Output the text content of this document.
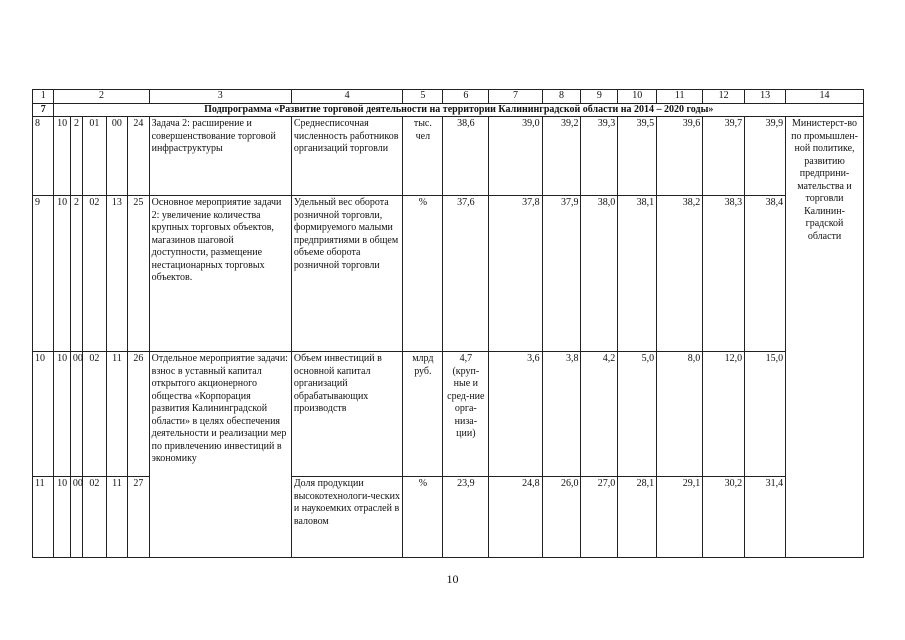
1	2					3	4	5	6	7	8	9	10	11	12	13	14
7	Подпрограмма «Развитие торговой деятельности на территории Калининградской области на 2014 – 2020 годы»																
8	10	2	01	00	24	Задача 2: расширение и совершенствование торговой инфраструктуры	Среднесписочная численность работников организаций торговли	тыс. чел	38,6	39,0	39,2	39,3	39,5	39,6	39,7	39,9	Министерст-во по промышлен-ной политике, развитию предприни-мательства и торговли Калинин-градской области
9	10	2	02	13	25	Основное мероприятие задачи 2: увеличение количества крупных торговых объектов, магазинов шаговой доступности, размещение нестационарных торговых объектов.	Удельный вес оборота розничной торговли, формируемого малыми предприятиями в общем объеме оборота розничной торговли	%	37,6	37,8	37,9	38,0	38,1	38,2	38,3	38,4	
10	10	00	02	11	26	Отдельное мероприятие задачи: взнос в уставный капитал открытого акционерного общества «Корпорация развития Калининградской области» в целях обеспечения деятельности и реализации мер по привлечению инвестиций в экономику	Объем инвестиций в основной капитал организаций обрабатывающих производств	млрд руб.	4,7 (круп-ные и сред-ние орга-низа-ции)	3,6	3,8	4,2	5,0	8,0	12,0	15,0	
11	10	00	02	11	27		Доля продукции высокотехнологи-ческих и наукоемких отраслей в валовом	%	23,9	24,8	26,0	27,0	28,1	29,1	30,2	31,4	
10
